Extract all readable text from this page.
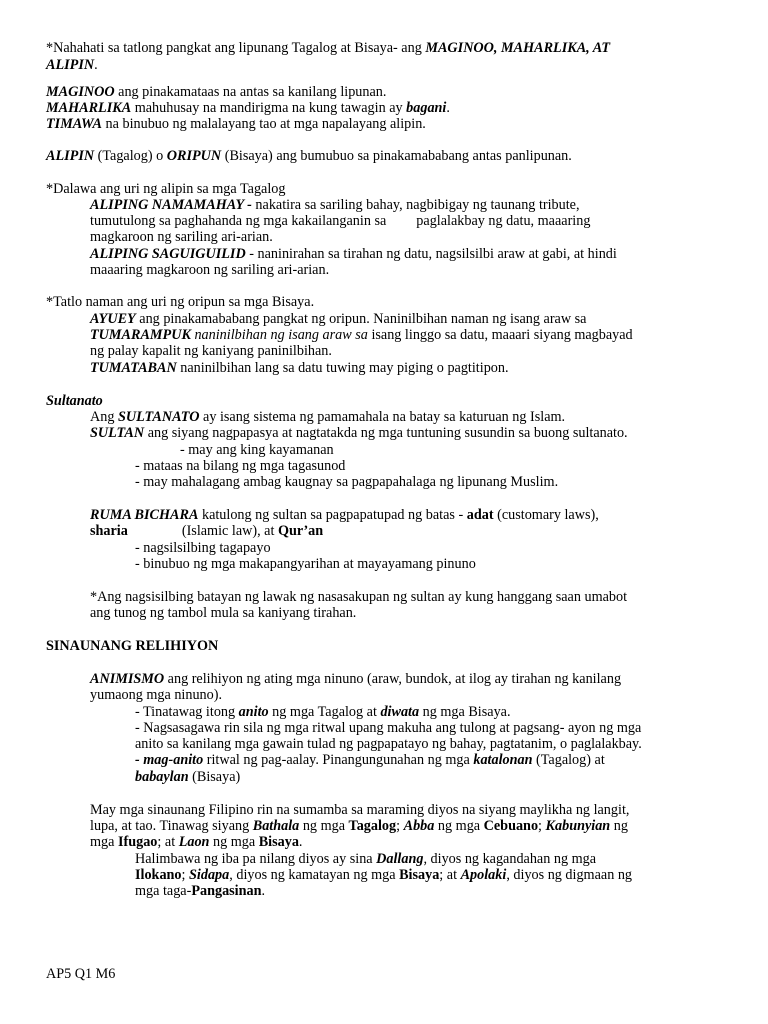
*Nahahati sa tatlong pangkat ang lipunang Tagalog at Bisaya- ang MAGINOO, MAHARLIKA, AT
ALIPIN.
MAGINOO ang pinakamataas na antas sa kanilang lipunan.
MAHARLIKA mahuhusay na mandirigma na kung tawagin ay bagani.
TIMAWA na binubuo ng malalayang tao at mga napalayang alipin.
ALIPIN (Tagalog) o ORIPUN (Bisaya) ang bumubuo sa pinakamababang antas panlipunan.
*Dalawa ang uri ng alipin sa mga Tagalog
ALIPING NAMAMAHAY - nakatira sa sariling bahay, nagbibigay ng taunang tribute,
tumutulong sa paghahanda ng mga kakailanganin sa paglalakbay ng datu, maaaring
magkaroon ng sariling ari-arian.
ALIPING SAGUIGUILID - naninirahan sa tirahan ng datu, nagsilsilbi araw at gabi, at hindi
maaaring magkaroon ng sariling ari-arian.
*Tatlo naman ang uri ng oripun sa mga Bisaya.
AYUEY ang pinakamababang pangkat ng oripun. Naninilbihan naman ng isang araw sa
TUMARAMPUK naninilbihan ng isang araw sa isang linggo sa datu, maaari siyang magbayad
ng palay kapalit ng kaniyang paninilbihan.
TUMATABAN naninilbihan lang sa datu tuwing may piging o pagtitipon.
Sultanato
Ang SULTANATO ay isang sistema ng pamamahala na batay sa katuruan ng Islam.
SULTAN ang siyang nagpapasya at nagtatakda ng mga tuntuning susundin sa buong sultanato.
- may ang king kayamanan
- mataas na bilang ng mga tagasunod
- may mahalagang ambag kaugnay sa pagpapahalaga ng lipunang Muslim.
RUMA BICHARA katulong ng sultan sa pagpapatupad ng batas - adat (customary laws),
sharia	(Islamic law), at Qur’an
- nagsilsilbing tagapayo
- binubuo ng mga makapangyarihan at mayayamang pinuno
*Ang nagsisilbing batayan ng lawak ng nasasakupan ng sultan ay kung hanggang saan umabot
ang tunog ng tambol mula sa kaniyang tirahan.
SINAUNANG RELIHIYON
ANIMISMO ang relihiyon ng ating mga ninuno (araw, bundok, at ilog ay tirahan ng kanilang
yumaong mga ninuno).
- Tinatawag itong anito ng mga Tagalog at diwata ng mga Bisaya.
- Nagsasagawa rin sila ng mga ritwal upang makuha ang tulong at pagsang- ayon ng mga
anito sa kanilang mga gawain tulad ng pagpapatayo ng bahay, pagtatanim, o paglalakbay.
- mag-anito ritwal ng pag-aalay. Pinangungunahan ng mga katalonan (Tagalog) at
babaylan (Bisaya)
May mga sinaunang Filipino rin na sumamba sa maraming diyos na siyang maylikha ng langit,
lupa, at tao. Tinawag siyang Bathala ng mga Tagalog; Abba ng mga Cebuano; Kabunyian ng
mga Ifugao; at Laon ng mga Bisaya.
Halimbawa ng iba pa nilang diyos ay sina Dallang, diyos ng kagandahan ng mga
Ilokano; Sidapa, diyos ng kamatayan ng mga Bisaya; at Apolaki, diyos ng digmaan ng
mga taga-Pangasinan.
AP5 Q1 M6
